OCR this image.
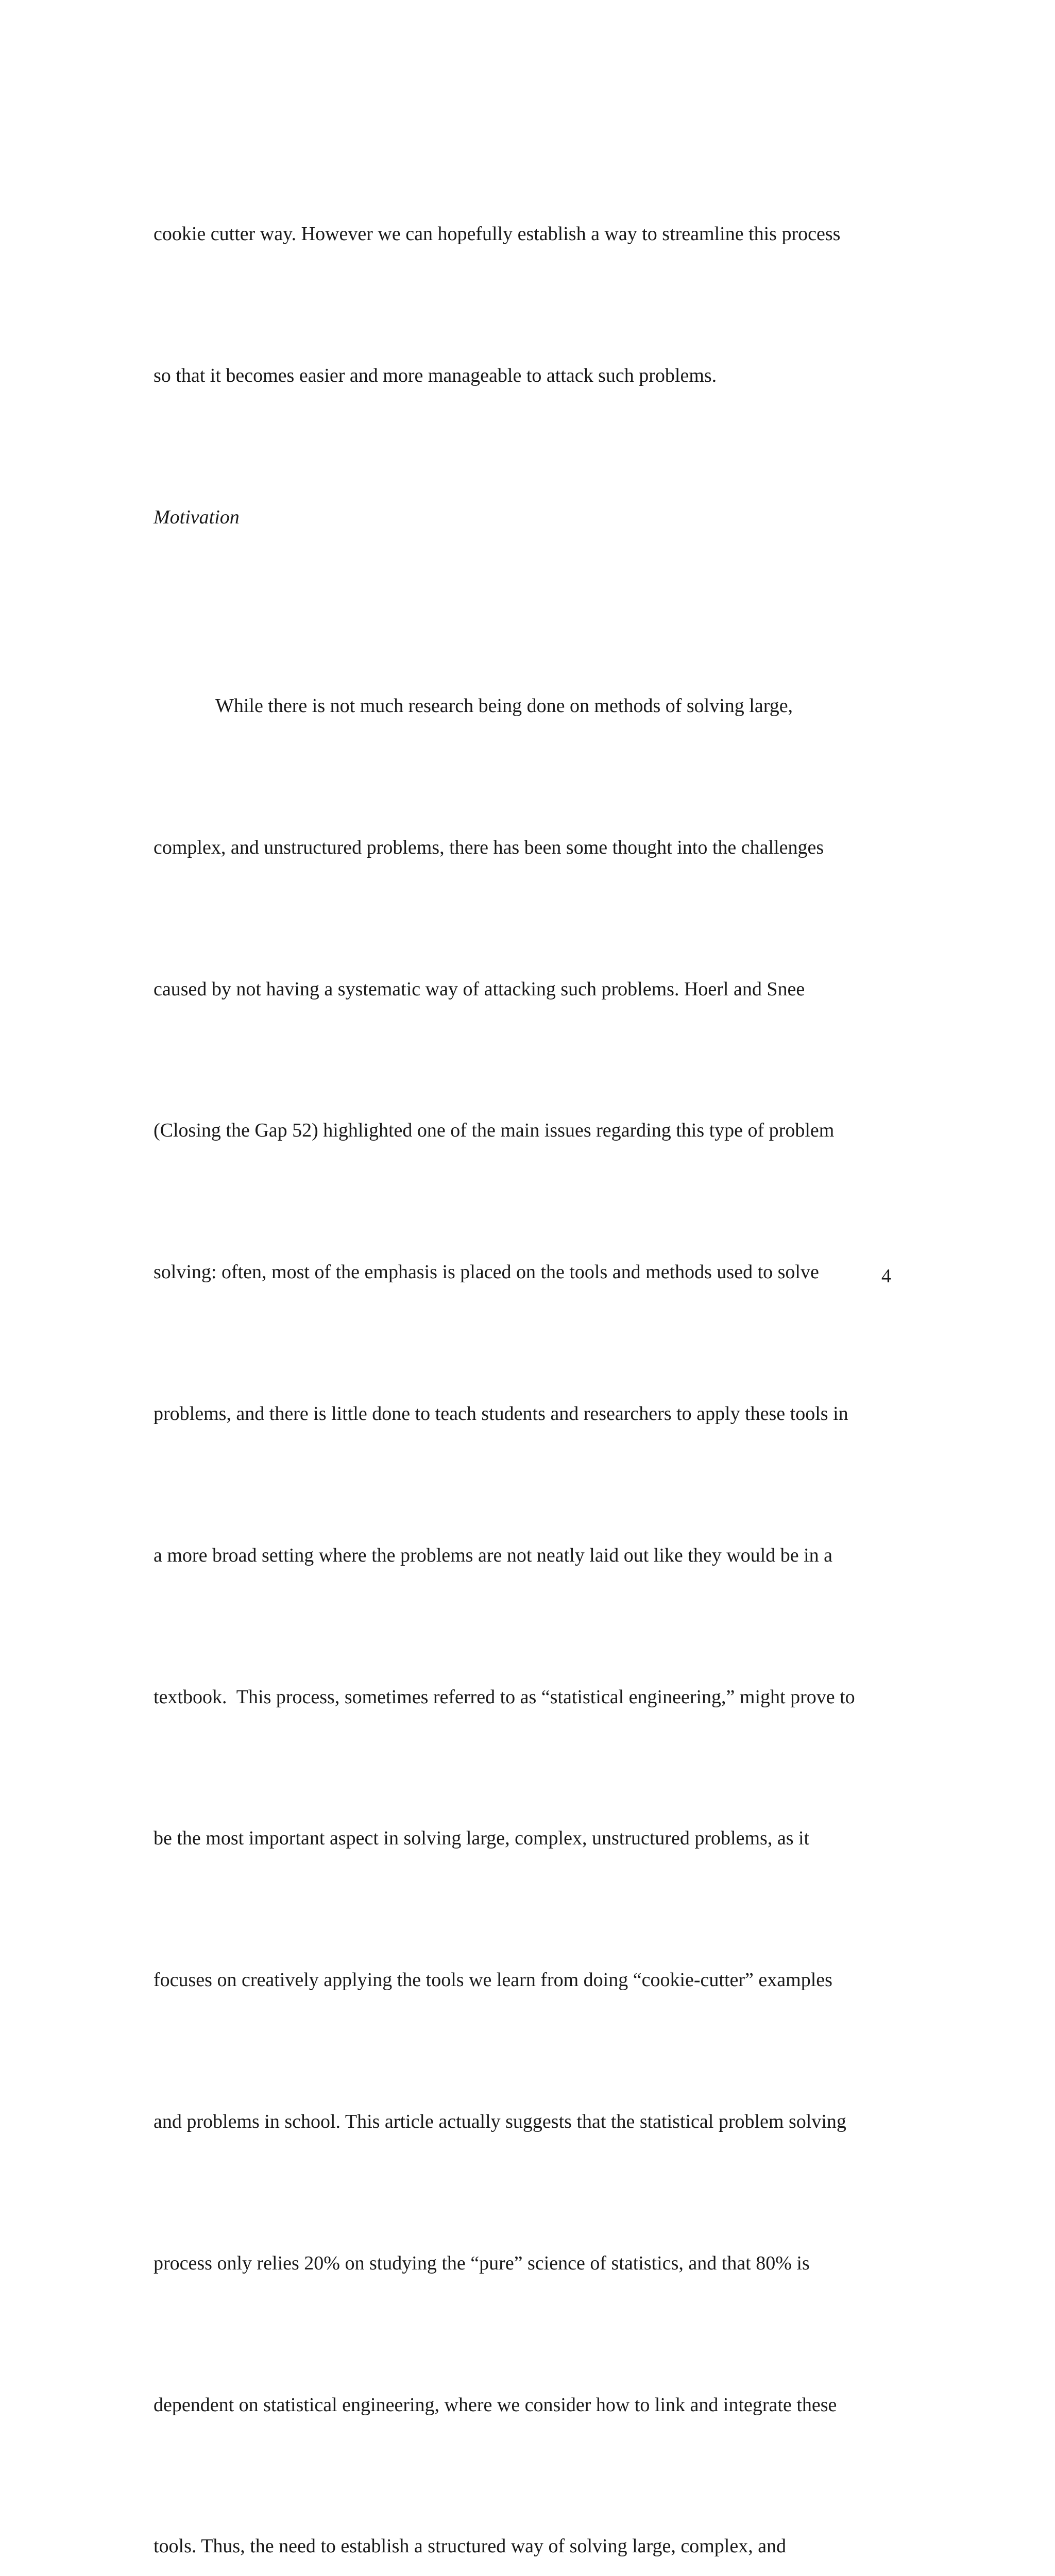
cookie cutter way. However we can hopefully establish a way to streamline this process

so that it becomes easier and more manageable to attack such problems.

Motivation

While there is not much research being done on methods of solving large,

complex, and unstructured problems, there has been some thought into the challenges

caused by not having a systematic way of attacking such problems. Hoerl and Snee

(Closing the Gap 52) highlighted one of the main issues regarding this type of problem

solving: often, most of the emphasis is placed on the tools and methods used to solve

problems, and there is little done to teach students and researchers to apply these tools in

a more broad setting where the problems are not neatly laid out like they would be in a

textbook.  This process, sometimes referred to as “statistical engineering,” might prove to

be the most important aspect in solving large, complex, unstructured problems, as it

focuses on creatively applying the tools we learn from doing “cookie-cutter” examples

and problems in school. This article actually suggests that the statistical problem solving

process only relies 20% on studying the “pure” science of statistics, and that 80% is

dependent on statistical engineering, where we consider how to link and integrate these

tools. Thus, the need to establish a structured way of solving large, complex, and

4
